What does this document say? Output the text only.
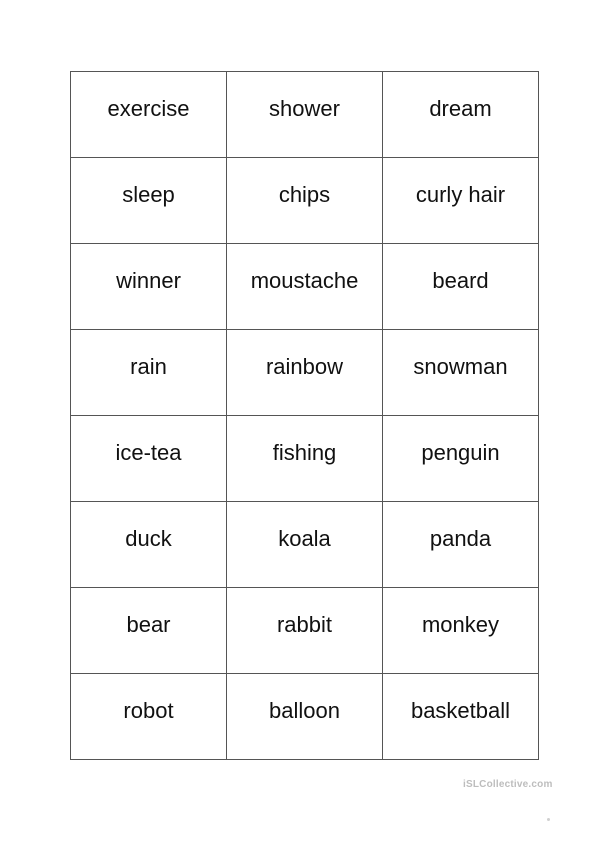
exercise	shower	dream
sleep	chips	curly hair
winner	moustache	beard
rain	rainbow	snowman
ice-tea	fishing	penguin
duck	koala	panda
bear	rabbit	monkey
robot	balloon	basketball
iSLCollective.com
